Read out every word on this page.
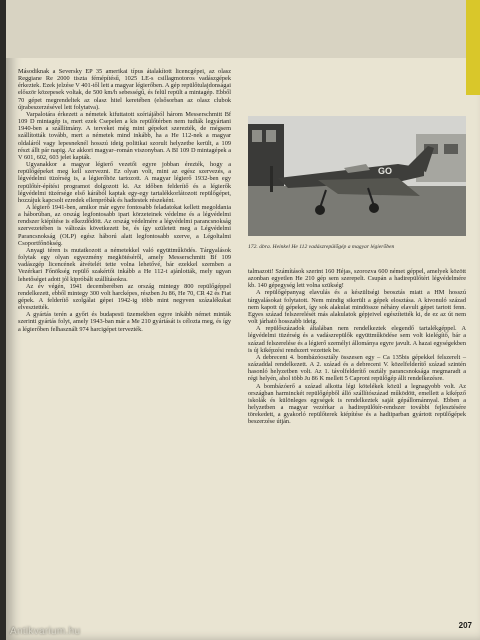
Másodiknak a Seversky EP 35 amerikai típus átalakított licencgépei, az olasz Reggiane Re 2000 tiszta fémépítésű, 1025 LE-s csillagmotoros vadászgépek érkeztek. Ezek jelzése V 401-től lett a magyar légierőben. A gép repülőtulajdonságai először közepesek voltak, de 500 km/h sebességű, és felül repült a mintagép. Ebből 70 gépet megrendeltek az olasz hitel keretében (elsősorban az olasz clubok újrabeszerzésével lett folytatva).

Varpalotára érkezett a németek kifuttatott szériájából három Messerschmitt Bf 109 D mintagép is, mert ezek Csepelen a kis repülőtérben nem tudták legyártani 1940-ben a szállítmány. A terveket még mint gépeket szerezték, de mégsem szállították tovább, mert a németek mind inkább, ha a He 112-nek a magyar oldaláról vagy lepesneknél hosszú ideig politikai szorult helyzetbe került, a 109 részt állt pár napig. Az akkori magyar–román viszonyban. A BI 109 D mintagépek a V 601, 602, 603 jelet kapták.

Ugyanakkor a magyar légierő vezetői egyre jobban érezték, hogy a repülőgépeket meg kell szervezni. Ez olyan volt, mint az egész szervezés, a légvédelmi tüzérség is, a légierőhöz tartozott. A magyar légierő 1932-ben egy repülőtér-építési programot dolgozott ki. Az időben felderítő és a légierők légvédelmi tüzérsége első kárából kaptak egy-egy tartalékkorlátozott repülőgépet, hozzájuk kapcsolt ezredek ellenpróbák és hadtestek részeként.

A légierő 1941-ben, amikor már egyre fontosabb feladatokat kellett megoldania a háborúban, az ország legfontosabb ipari körzeteinek védelme és a légvédelmi rendszer kiépítése is elkezdődött. Az ország védelmére a légvédelmi parancsnokság szervezetében is változás következett be, és így született meg a Légvédelmi Parancsnokság (OLP) egész háború alatt legfontosabb szerve, a Légoltalmi Csoportfőnökség.

Anyagi téren is mutatkozott a németekkel való együttműködés. Tárgyalások folytak egy olyan egyezmény megkötéséről, amely Messerschmitt Bf 109 vadászgép licencének átvételét tette volna lehetővé, bár ezekkel szemben a Vezérkari Főnökség repülő szakértői inkább a He 112-t ajánlották, mely ugyan lehetőséget adott jól kipróbált szállításokra.

Az év végén, 1941 decemberében az ország mintegy 800 repülőgéppel rendelkezett, ebből mintegy 300 volt harcképes, részben Ju 86, He 70, CR 42 és Fiat gépek. A felderítő szolgálat gépei 1942-ig több mint negyven százalékukat elvesztették.

A gyártás terén a győri és budapesti üzemekben egyre inkább német minták szerinti gyártás folyt, amely 1943-ban már a Me 210 gyártását is célozta meg, és így a légierőben felhasznált 974 harcigépet tervezték.

GO
172. ábra. Heinkel He 112 vadászrepülőgép a magyar légierőben

talmazott! Számítások szerint 160 Héjas, szorozva 600 német géppel, amelyek között azonban egyetlen He 210 gép sem szerepelt. Csupán a hadirepülőtéri légvédelmére kb. 140 gépegység lett volna szükség!

A repülőgépanyag elavulás és a készültségi beosztás miatt a HM hosszú tárgyalásokat folytatott. Nem mindig sikerült a gépek elosztása. A kivonuló század nem kapott új gépeket, így sok alakulat mindössze néhány elavult gépet tartott fenn. Egyes század felszerelését más alakulatok gépjeivel egészítették ki, de ez az út nem volt járható hosszabb ideig.

A repülőszázadok általában nem rendelkeztek elegendő tartalékgéppel. A légvédelmi tüzérség és a vadászrepülők együttműködése sem volt kielégítő, bár a század felszerelése és a légierő személyi állománya egyre javult. A hazai egységekben is új kiképzési rendszert vezettek be.

A debreceni 4. bombázóosztály összesen egy – Ca 135bis gépekkel felszerelt – századdal rendelkezett. A 2. század és a debreceni V. közelfelderítő század szintén hasonló helyzetben volt. Az 1. távolfelderítő osztály parancsnoksága megmaradt a régi helyén, ahol több Ju 86 K mellett 5 Caproni repülőgép állt rendelkezésre.

A bombázóerő a század alkotta légi kötelékek közül a legnagyobb volt. Az országban harminckét repülőgépből álló szállítószázad működött, emellett a kiképző iskolák és különleges egységek is rendelkeztek saját gépállománnyal. Ebben a helyzetben a magyar vezérkar a hadirepülőtér-rendszer további fejlesztésére törekedett, a gyakorló repülőterek kiépítése és a hadiiparban gyártott repülőgépek beszerzése útján.

207
Antikvarium.hu
